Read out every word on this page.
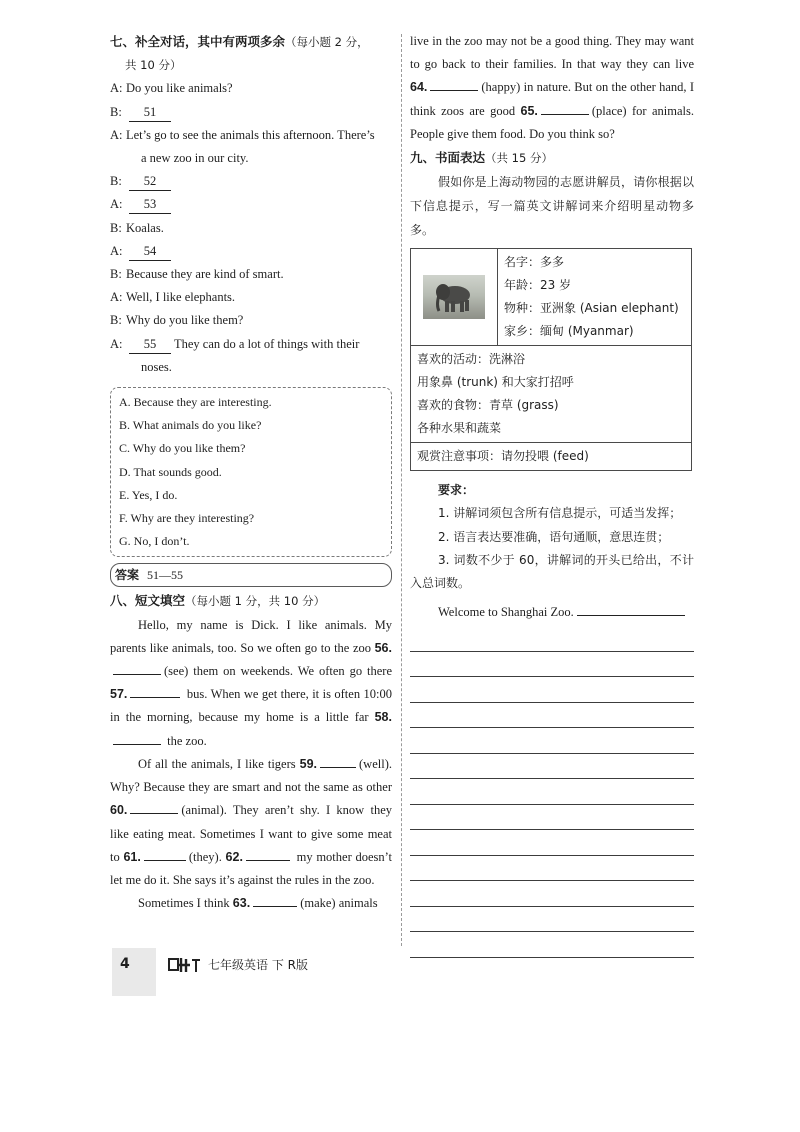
七、补全对话，其中有两项多余（每小题 2 分，
共 10 分）
A: Do you like animals?
B: 51
A: Let’s go to see the animals this afternoon. There’s
a new zoo in our city.
B: 52
A: 53
B: Koalas.
A: 54
B: Because they are kind of smart.
A: Well, I like elephants.
B: Why do you like them?
A: 55 They can do a lot of things with their
noses.
A. Because they are interesting.
B. What animals do you like?
C. Why do you like them?
D. That sounds good.
E. Yes, I do.
F. Why are they interesting?
G. No, I don’t.
答案 51—55
八、短文填空（每小题 1 分，共 10 分）
Hello, my name is Dick. I like animals. My parents like animals, too. So we often go to the zoo 56.(see) them on weekends. We often go there 57.	bus. When we get there, it is often 10:00 in the morning, because my home is a little far 58. the zoo.
Of all the animals, I like tigers 59.	(well). Why? Because they are smart and not the same as other 60.	(animal). They aren’t shy. I know they like eating meat. Sometimes I want to give some meat to 61.	(they). 62.	my mother doesn’t let me do it. She says it’s against the rules in the zoo.
Sometimes I think 63.	(make) animals
live in the zoo may not be a good thing. They may want to go back to their families. In that way they can live 64.	(happy) in nature. But on the other hand, I think zoos are good 65.	(place) for animals. People give them food. Do you think so?
九、书面表达（共 15 分）
假如你是上海动物园的志愿讲解员，请你根据以下信息提示，写一篇英文讲解词来介绍明星动物多多。

名字：多多
年龄：23 岁
物种：亚洲象 (Asian elephant)
家乡：缅甸 (Myanmar)

喜欢的活动：洗淋浴
用象鼻 (trunk) 和大家打招呼
喜欢的食物：青草 (grass)
各种水果和蔬菜

观赏注意事项：请勿投喂 (feed)
要求：
1. 讲解词须包含所有信息提示，可适当发挥；
2. 语言表达要准确，语句通顺，意思连贯；
3. 词数不少于 60，讲解词的开头已给出，不计入总词数。
Welcome to Shanghai Zoo.
4	七年级英语 下 R版
